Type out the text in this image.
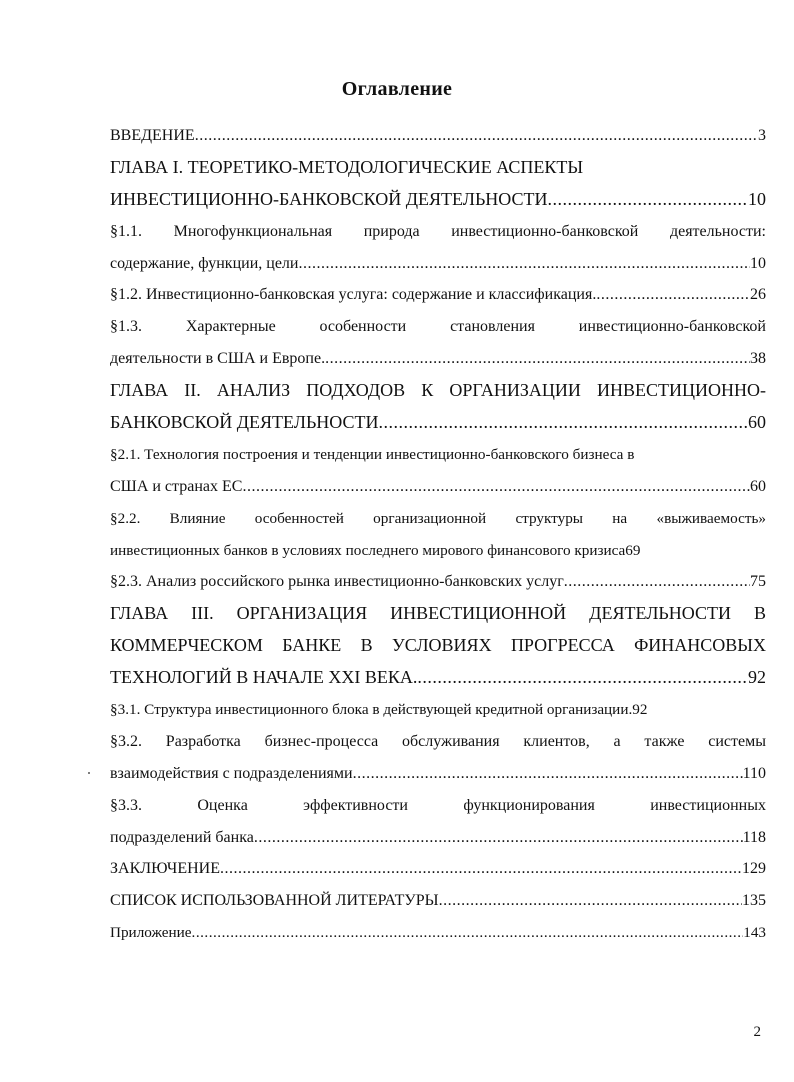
Оглавление
ВВЕДЕНИЕ .....	3
ГЛАВА I. ТЕОРЕТИКО-МЕТОДОЛОГИЧЕСКИЕ АСПЕКТЫ
ИНВЕСТИЦИОННО-БАНКОВСКОЙ ДЕЯТЕЛЬНОСТИ .....	10
§1.1. Многофункциональная природа инвестиционно-банковской деятельности:
содержание, функции, цели .....	10
§1.2. Инвестиционно-банковская услуга: содержание и классификация. .....	26
§1.3.	Характерные	особенности	становления	инвестиционно-банковской
деятельности в США и Европе. .....	38
ГЛАВА II. АНАЛИЗ ПОДХОДОВ К ОРГАНИЗАЦИИ ИНВЕСТИЦИОННО-
БАНКОВСКОЙ ДЕЯТЕЛЬНОСТИ .....	60
§2.1. Технология построения и тенденции инвестиционно-банковского бизнеса в
США и странах ЕС .....	60
§2.2. Влияние особенностей организационной структуры на «выживаемость»
инвестиционных банков в условиях последнего мирового финансового кризиса69
§2.3. Анализ российского рынка инвестиционно-банковских услуг .....	75
ГЛАВА III. ОРГАНИЗАЦИЯ ИНВЕСТИЦИОННОЙ ДЕЯТЕЛЬНОСТИ В
КОММЕРЧЕСКОМ БАНКЕ В УСЛОВИЯХ ПРОГРЕССА ФИНАНСОВЫХ
ТЕХНОЛОГИЙ В НАЧАЛЕ XXI ВЕКА. .....	92
§3.1. Структура инвестиционного блока в действующей кредитной организации.92
§3.2. Разработка бизнес-процесса обслуживания клиентов, а также системы
взаимодействия с подразделениями .....	110
§3.3.	Оценка	эффективности	функционирования	инвестиционных
подразделений банка .....	118
ЗАКЛЮЧЕНИЕ .....	129
СПИСОК ИСПОЛЬЗОВАННОЙ ЛИТЕРАТУРЫ .....	135
Приложение .....	143
2
